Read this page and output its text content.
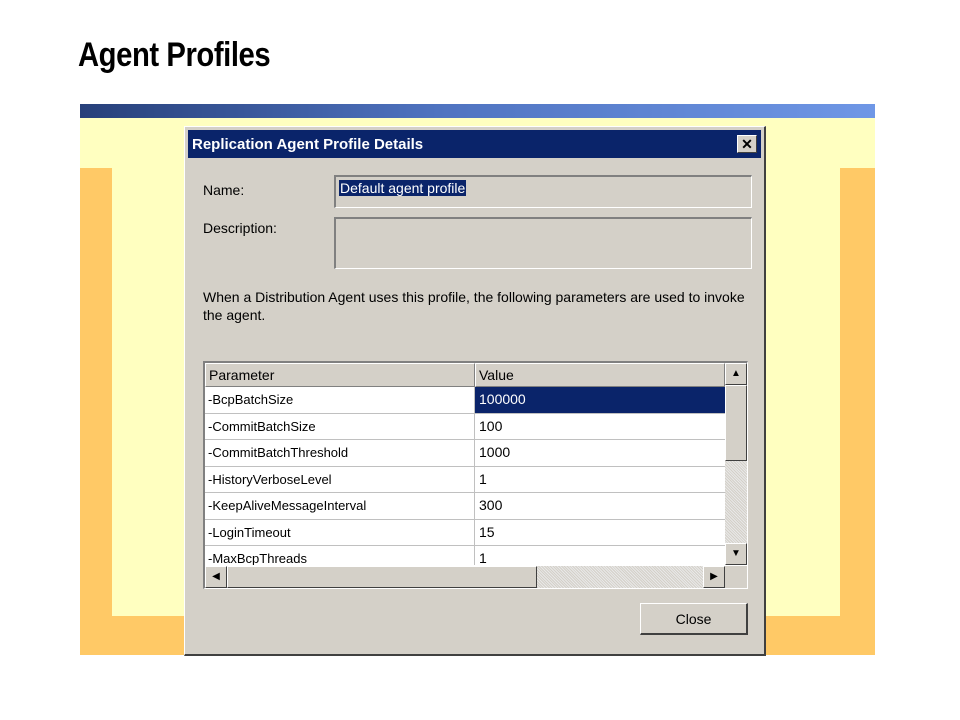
Agent Profiles
Replication Agent Profile Details	✕
Name:	Default agent profile
Description:
When a Distribution Agent uses this profile, the following parameters are used to invoke the agent.
Parameter	Value
-BcpBatchSize	100000
-CommitBatchSize	100
-CommitBatchThreshold	1000
-HistoryVerboseLevel	1
-KeepAliveMessageInterval	300
-LoginTimeout	15
-MaxBcpThreads	1
▲
▼
◀	▶
Close
